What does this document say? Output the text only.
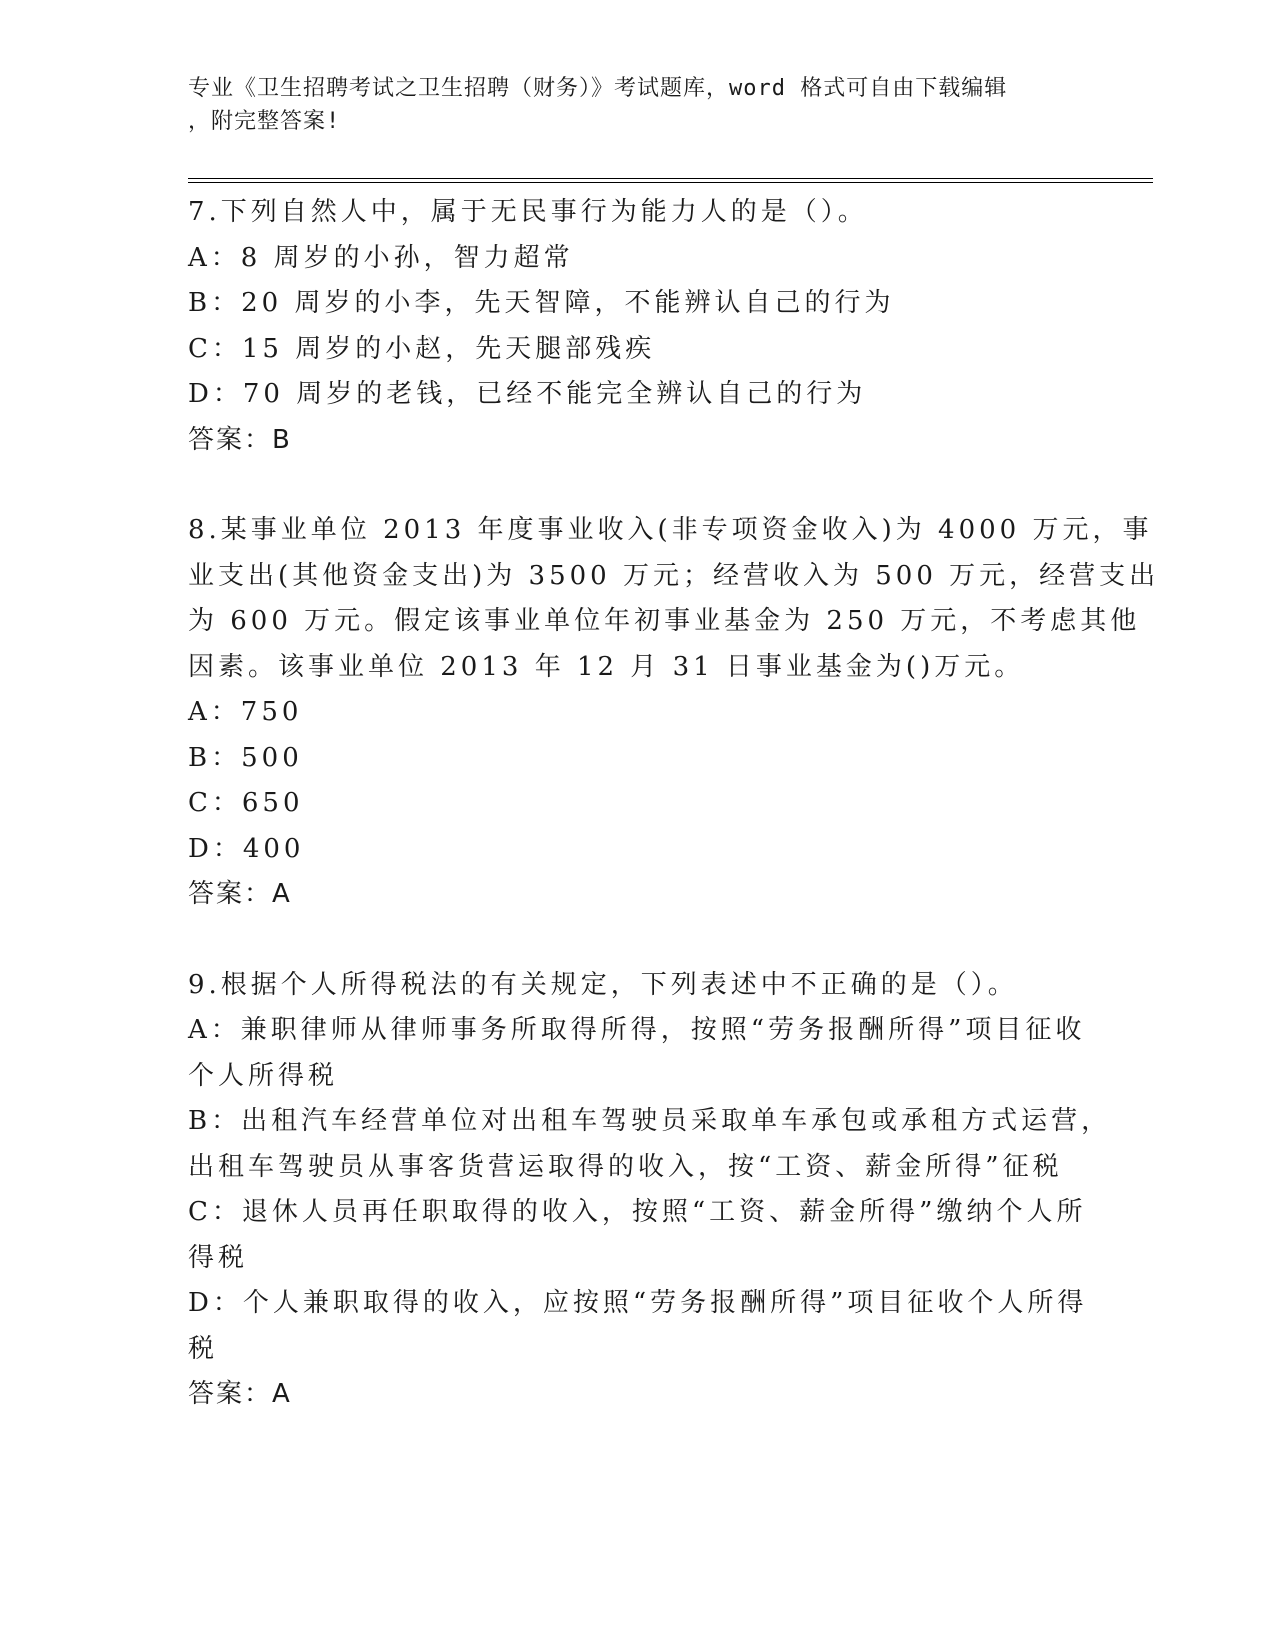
专业《卫生招聘考试之卫生招聘（财务）》考试题库，word 格式可自由下载编辑
，附完整答案!
7.下列自然人中，属于无民事行为能力人的是（）。
A：8 周岁的小孙，智力超常
B：20 周岁的小李，先天智障，不能辨认自己的行为
C：15 周岁的小赵，先天腿部残疾
D：70 周岁的老钱，已经不能完全辨认自己的行为
答案：B
8.某事业单位 2013 年度事业收入(非专项资金收入)为 4000 万元，事
业支出(其他资金支出)为 3500 万元；经营收入为 500 万元，经营支出
为 600 万元。假定该事业单位年初事业基金为 250 万元，不考虑其他
因素。该事业单位 2013 年 12 月 31 日事业基金为()万元。
A：750
B：500
C：650
D：400
答案：A
9.根据个人所得税法的有关规定，下列表述中不正确的是（）。
A：兼职律师从律师事务所取得所得，按照“劳务报酬所得”项目征收
个人所得税
B：出租汽车经营单位对出租车驾驶员采取单车承包或承租方式运营，
出租车驾驶员从事客货营运取得的收入，按“工资、薪金所得”征税
C：退休人员再任职取得的收入，按照“工资、薪金所得”缴纳个人所
得税
D：个人兼职取得的收入，应按照“劳务报酬所得”项目征收个人所得
税
答案：A
